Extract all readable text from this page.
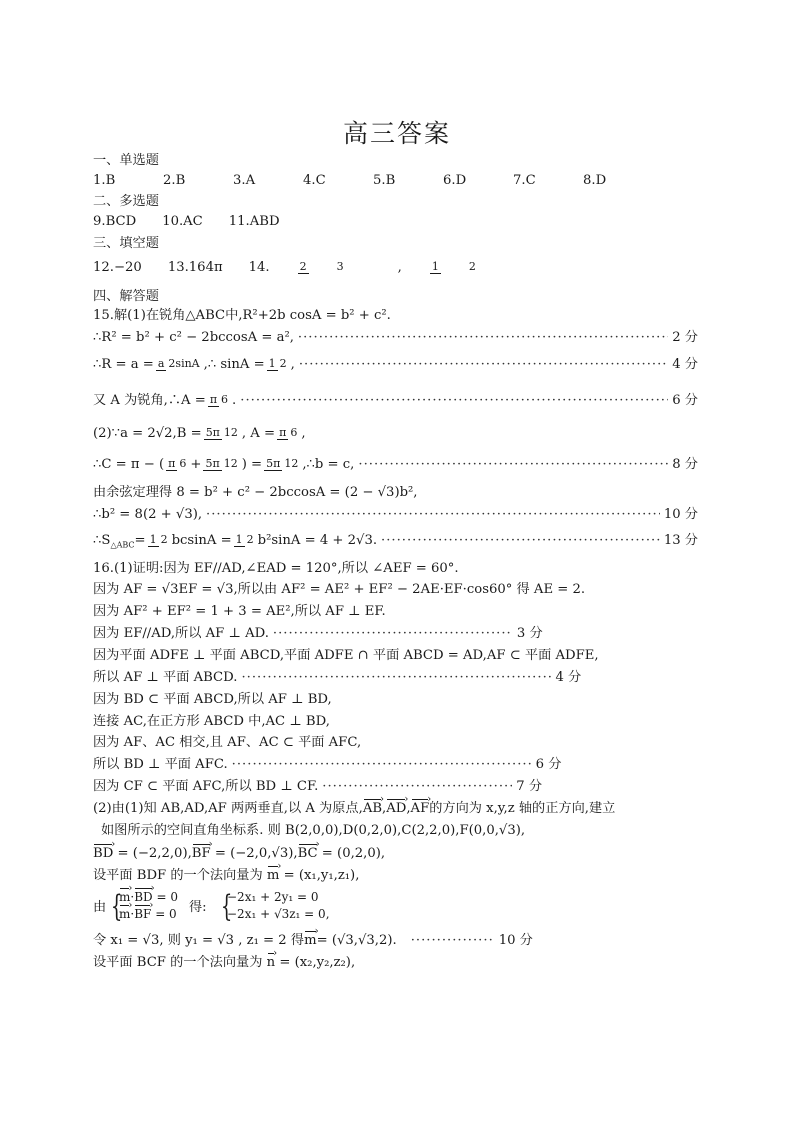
高三答案
一、单选题
1.B	2.B	3.A	4.C	5.B	6.D	7.C	8.D
二、多选题
9.BCD 10.AC 11.ABD
三、填空题
12.−20 13.164π 14.	2	3	,	1	2
四、解答题
15.解(1)在锐角△ABC中,R²+2b cosA = b² + c².
∴R² = b² + c² − 2bccosA = a², ·····	2 分
∴R = a =a 2sinA ,∴ sinA =1 2 , ·····	4 分
又 A 为锐角,∴A =π 6 . ·····	6 分
(2)∵a = 2√2,B =5π 12 , A =π 6 ,
∴C = π − ( π 6+5π 12 ) =5π 12 ,∴b = c, ·····	8 分
由余弦定理得 8 = b² + c² − 2bccosA = (2 − √3)b²,
∴b² = 8(2 + √3), ·····	10 分
$\therefore S_{\triangle ABC}=1$ 2 bcsinA =1 2 b²sinA = 4 + 2√3. ·····	13 分
16.(1)证明:因为 EF//AD,∠EAD = 120°,所以 ∠AEF = 60°.
因为 AF = √3EF = √3,所以由 AF² = AE² + EF² − 2AE·EF·cos60° 得 AE = 2.
因为 AF² + EF² = 1 + 3 = AE²,所以 AF ⊥ EF.
因为 EF//AD,所以 AF ⊥ AD. ·····	3 分
因为平面 ADFE ⊥ 平面 ABCD,平面 ADFE ∩ 平面 ABCD = AD,AF ⊂ 平面 ADFE,
所以 AF ⊥ 平面 ABCD. ·····	4 分
因为 BD ⊂ 平面 ABCD,所以 AF ⊥ BD,
连接 AC,在正方形 ABCD 中,AC ⊥ BD,
因为 AF、AC 相交,且 AF、AC ⊂ 平面 AFC,
所以 BD ⊥ 平面 AFC. ·····	6 分
因为 CF ⊂ 平面 AFC,所以 BD ⊥ CF. ·····	7 分
(2)由(1)知 AB,AD,AF 两两垂直,以 A 为原点,AB ›,AD ›,AF ›的方向为 x,y,z 轴的正方向,建立
如图所示的空间直角坐标系. 则 B(2,0,0),D(0,2,0),C(2,2,0),F(0,0,√3),
BD › = (−2,2,0),BF › = (−2,0,√3),BC › = (0,2,0),
设平面 BDF 的一个法向量为 m › = (x₁,y₁,z₁),
由 {
m ›·BD › = 0
m ›·BF › = 0 得: {
−2x₁ + 2y₁ = 0
−2x₁ + √3z₁ = 0,
令 x₁ = √3, 则 y₁ = √3 , z₁ = 2 得m ›= (√3,√3,2). ·····	10 分
设平面 BCF 的一个法向量为 n › = (x₂,y₂,z₂),
